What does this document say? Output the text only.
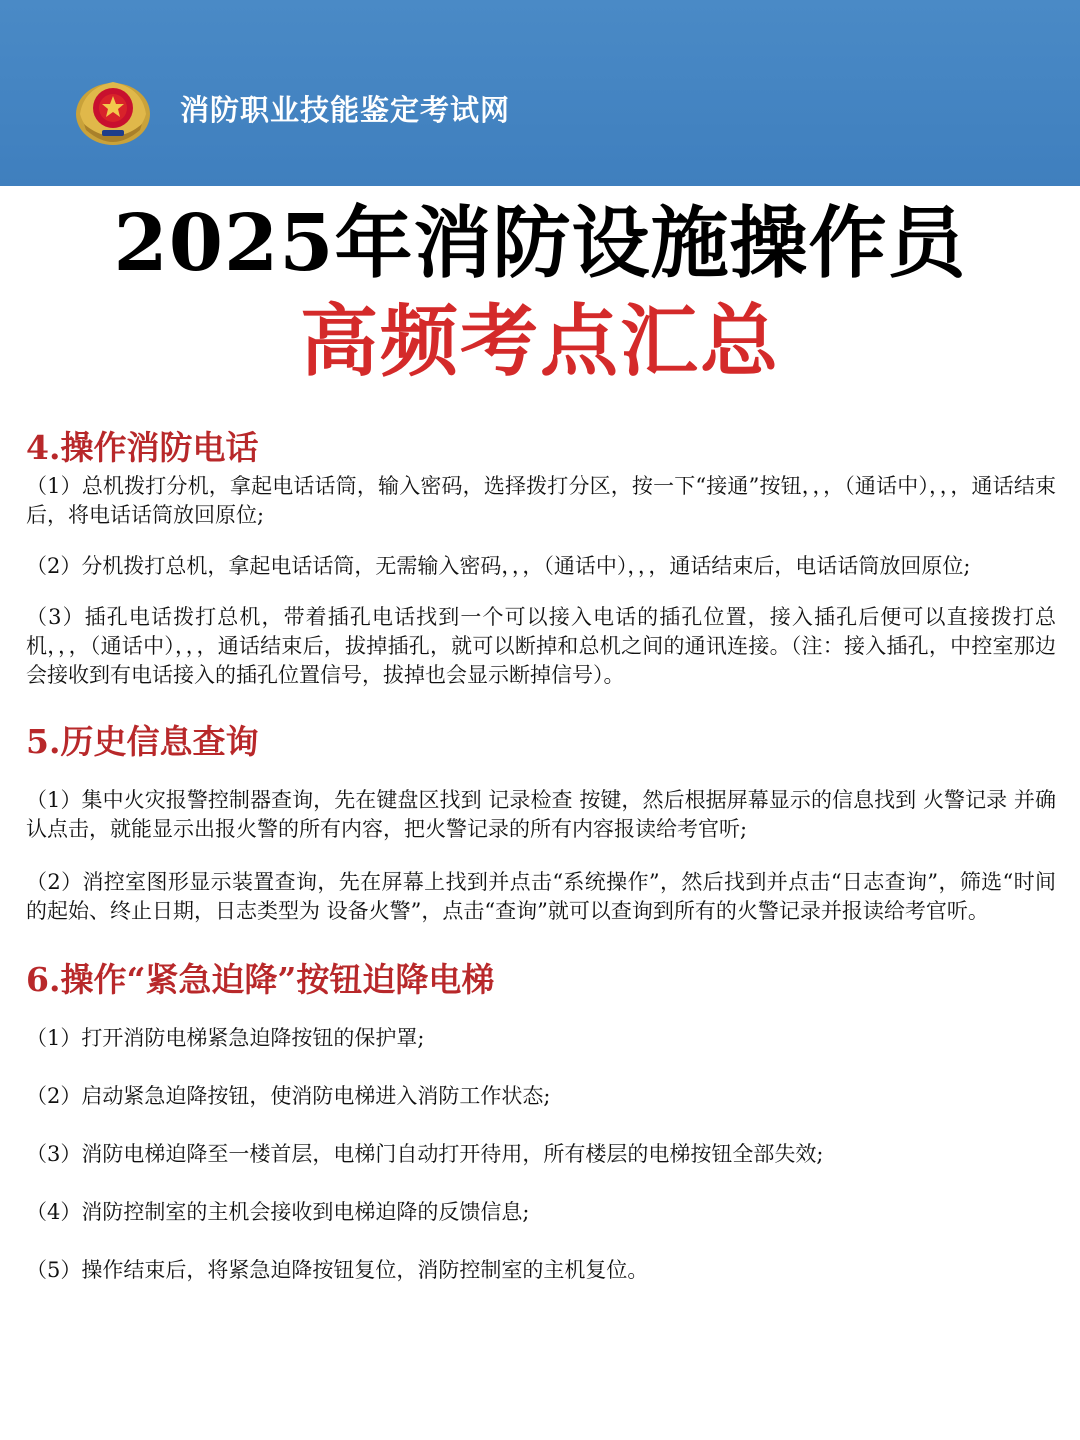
消防职业技能鉴定考试网
2025年消防设施操作员
高频考点汇总
4.操作消防电话

（1）总机拨打分机，拿起电话话筒，输入密码，选择拨打分区，按一下“接通”按钮，，，（通话中），，，通话结束后，将电话话筒放回原位;

（2）分机拨打总机，拿起电话话筒，无需输入密码，，，（通话中），，，通话结束后，电话话筒放回原位;

（3）插孔电话拨打总机，带着插孔电话找到一个可以接入电话的插孔位置，接入插孔后便可以直接拨打总机，，，（通话中），，，通话结束后，拔掉插孔，就可以断掉和总机之间的通讯连接。（注：接入插孔，中控室那边会接收到有电话接入的插孔位置信号，拔掉也会显示断掉信号）。

5.历史信息查询

（1）集中火灾报警控制器查询，先在键盘区找到 记录检查 按键，然后根据屏幕显示的信息找到 火警记录 并确认点击，就能显示出报火警的所有内容，把火警记录的所有内容报读给考官听;

（2）消控室图形显示装置查询，先在屏幕上找到并点击“系统操作”，然后找到并点击“日志查询”，筛选“时间的起始、终止日期，日志类型为 设备火警”，点击“查询”就可以查询到所有的火警记录并报读给考官听。

6.操作“紧急迫降”按钮迫降电梯

（1）打开消防电梯紧急迫降按钮的保护罩;

（2）启动紧急迫降按钮，使消防电梯进入消防工作状态;

（3）消防电梯迫降至一楼首层，电梯门自动打开待用，所有楼层的电梯按钮全部失效;

（4）消防控制室的主机会接收到电梯迫降的反馈信息;

（5）操作结束后，将紧急迫降按钮复位，消防控制室的主机复位。
